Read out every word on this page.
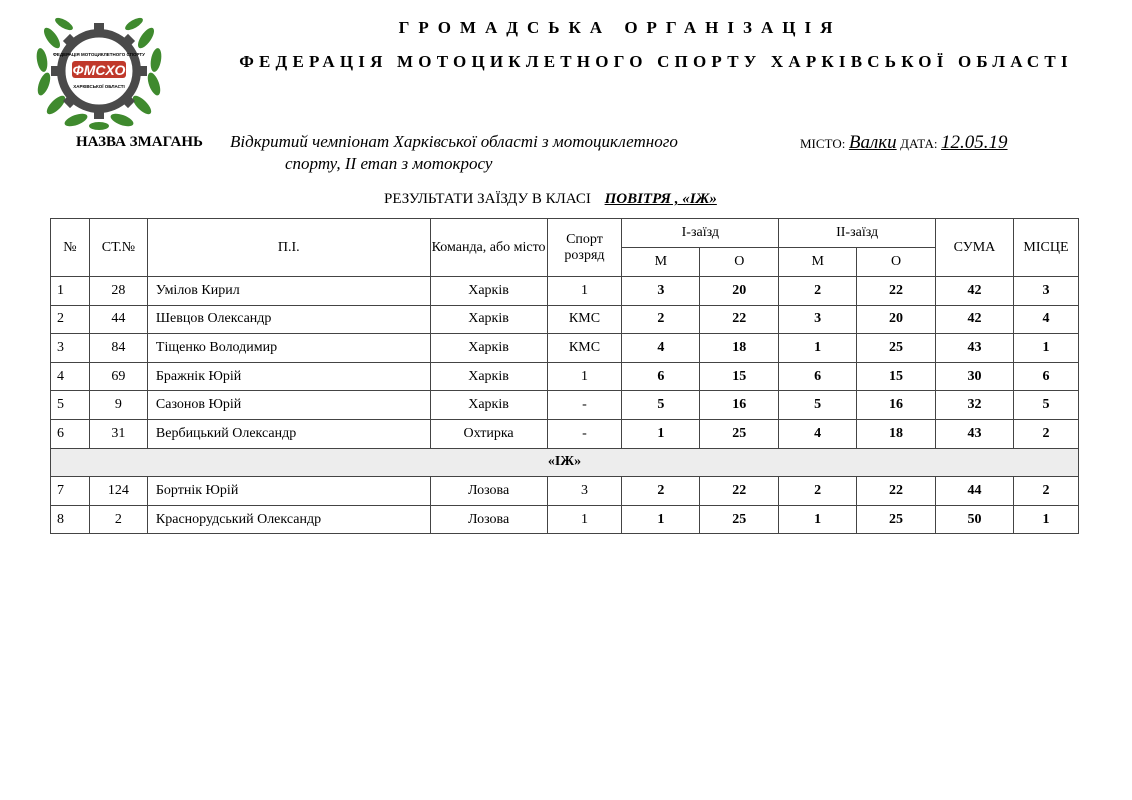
ФЕДЕРАЦІЯ МОТОЦИКЛЕТНОГО СПОРТУ
ФМСХО
ХАРКІВСЬКОЇ ОБЛАСТІ
ГРОМАДСЬКА ОРГАНІЗАЦІЯ
ФЕДЕРАЦІЯ МОТОЦИКЛЕТНОГО СПОРТУ ХАРКІВСЬКОЇ ОБЛАСТІ
НАЗВА ЗМАГАНЬ Відкритий чемпіонат Харківської області з мотоциклетного
спорту, ІІ етап з мотокросу
МІСТО: Валки ДАТА: 12.05.19
РЕЗУЛЬТАТИ ЗАЇЗДУ В КЛАСІ ПОВІТРЯ , «ІЖ»
№	СТ.№	П.І.	Команда, або місто	Спорт розряд	І-заїзд		ІІ-заїзд		СУМА	МІСЦЕ
					М	О	М	О		
1	28	Умілов Кирил	Харків	1	3	20	2	22	42	3
2	44	Шевцов Олександр	Харків	КМС	2	22	3	20	42	4
3	84	Тіщенко Володимир	Харків	КМС	4	18	1	25	43	1
4	69	Бражнік Юрій	Харків	1	6	15	6	15	30	6
5	9	Сазонов Юрій	Харків	-	5	16	5	16	32	5
6	31	Вербицький Олександр	Охтирка	-	1	25	4	18	43	2
«ІЖ»										
7	124	Бортнік Юрій	Лозова	3	2	22	2	22	44	2
8	2	Краснорудський Олександр	Лозова	1	1	25	1	25	50	1
